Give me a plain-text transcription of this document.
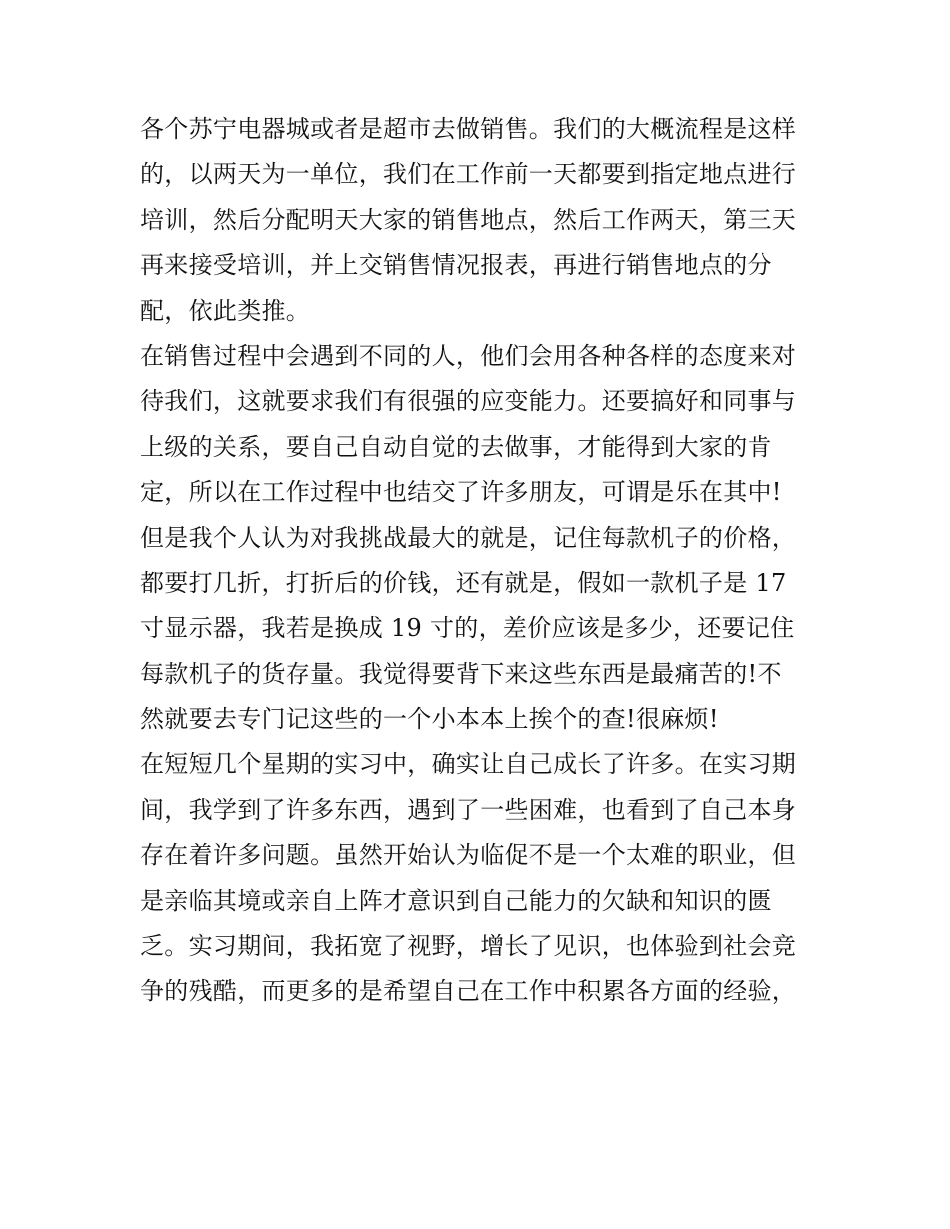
各个苏宁电器城或者是超市去做销售。我们的大概流程是这样
的，以两天为一单位，我们在工作前一天都要到指定地点进行
培训，然后分配明天大家的销售地点，然后工作两天，第三天
再来接受培训，并上交销售情况报表，再进行销售地点的分
配，依此类推。
在销售过程中会遇到不同的人，他们会用各种各样的态度来对
待我们，这就要求我们有很强的应变能力。还要搞好和同事与
上级的关系，要自己自动自觉的去做事，才能得到大家的肯
定，所以在工作过程中也结交了许多朋友，可谓是乐在其中!
但是我个人认为对我挑战最大的就是，记住每款机子的价格，
都要打几折，打折后的价钱，还有就是，假如一款机子是 17
寸显示器，我若是换成 19 寸的，差价应该是多少，还要记住
每款机子的货存量。我觉得要背下来这些东西是最痛苦的!不
然就要去专门记这些的一个小本本上挨个的查!很麻烦!
在短短几个星期的实习中，确实让自己成长了许多。在实习期
间，我学到了许多东西，遇到了一些困难，也看到了自己本身
存在着许多问题。虽然开始认为临促不是一个太难的职业，但
是亲临其境或亲自上阵才意识到自己能力的欠缺和知识的匮
乏。实习期间，我拓宽了视野，增长了见识，也体验到社会竞
争的残酷，而更多的是希望自己在工作中积累各方面的经验，
